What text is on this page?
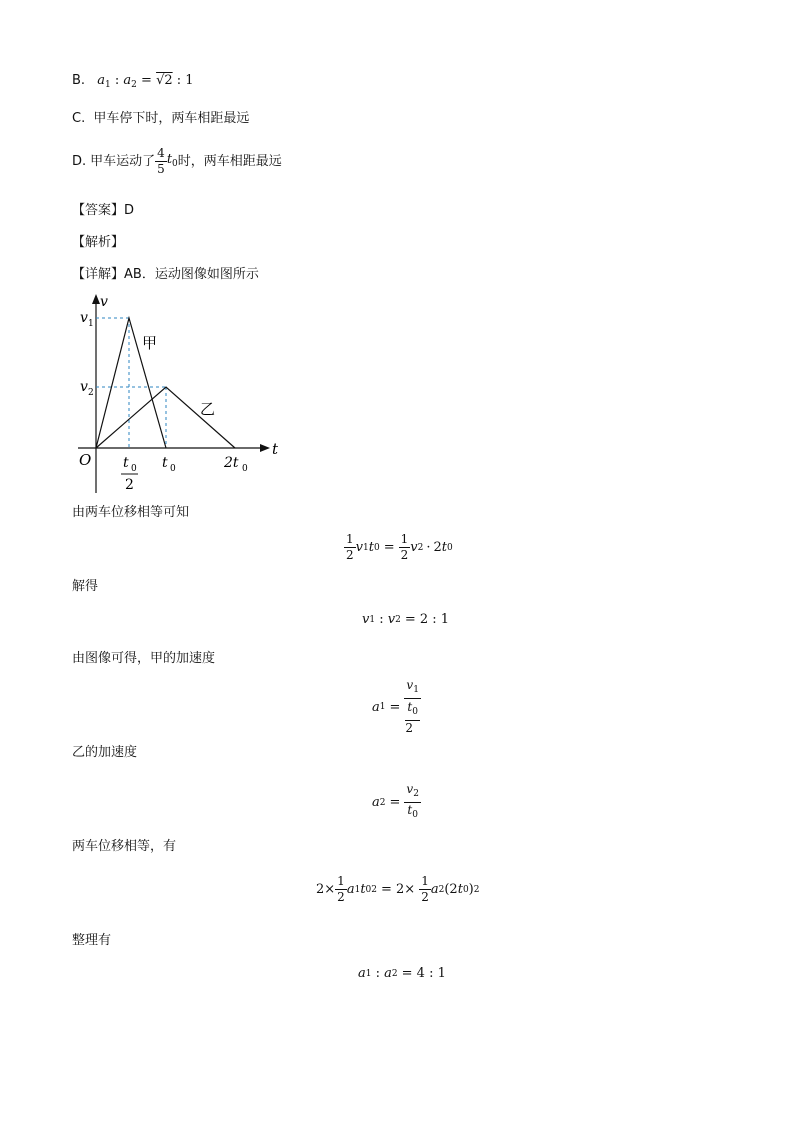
B. $a_1$ : $a_2 = √2$ : 1
C. 甲车停下时，两车相距最远
D. 甲车运动了 $\frac{4}{5} t_0$ 时，两车相距最远
【答案】D
【解析】
【详解】AB．运动图像如图所示
v
t
O
v 1
v 2
甲
乙
t 0
2
t 0	2t 0
由两车位移相等可知
$\frac{1}{2}$ v 1 t $0 = \frac{1}{2}$ v 2 · 2 t 0
解得
v 1 : v 2 = 2 : 1
由图像可得，甲的加速度
a $1 = \frac{v_1}{\frac{t_0}{2}}$
乙的加速度
a $2 = \frac{v_2}{t_0}$
两车位移相等，有
$2\times \frac{1}{2}$ a 1 t 0 $2 = 2\times \frac{1}{2}$ a 2 (2 t 0 ) 2
整理有
a 1 : a 2 = 4 : 1
